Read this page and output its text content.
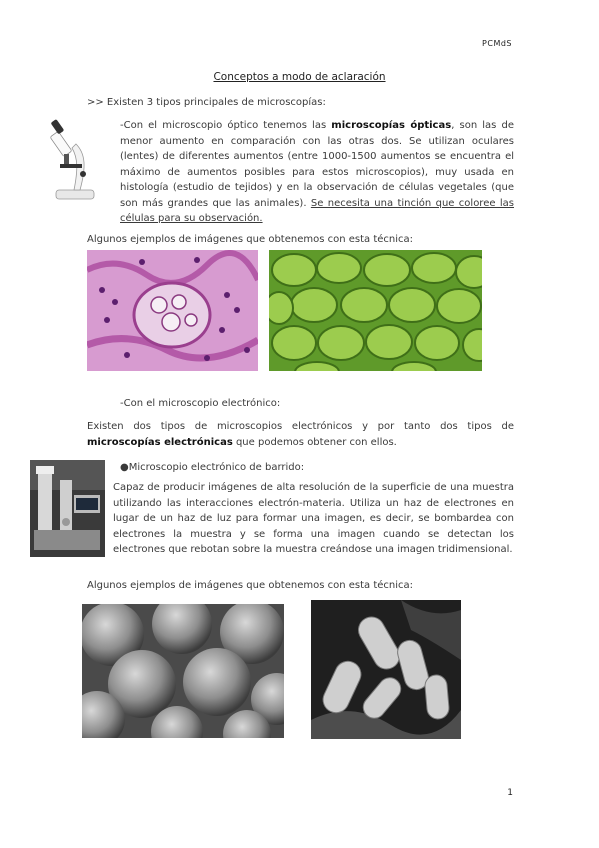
PCMdS
Conceptos a modo de aclaración
>> Existen 3 tipos principales de microscopías:
-Con el microscopio óptico tenemos las microscopías ópticas, son las de menor aumento en comparación con las otras dos. Se utilizan oculares (lentes) de diferentes aumentos (entre 1000-1500 aumentos se encuentra el máximo de aumentos posibles para estos microscopios), muy usada en histología (estudio de tejidos) y en la observación de células vegetales (que son más grandes que las animales). Se necesita una tinción que coloree las células para su observación.
Algunos ejemplos de imágenes que obtenemos con esta técnica:
-Con el microscopio electrónico:
Existen dos tipos de microscopios electrónicos y por tanto dos tipos de microscopías electrónicas que podemos obtener con ellos.
●Microscopio electrónico de barrido:
Capaz de producir imágenes de alta resolución de la superficie de una muestra utilizando las interacciones electrón-materia. Utiliza un haz de electrones en lugar de un haz de luz para formar una imagen, es decir, se bombardea con electrones la muestra y se forma una imagen cuando se detectan los electrones que rebotan sobre la muestra creándose una imagen tridimensional.
Algunos ejemplos de imágenes que obtenemos con esta técnica:
1
